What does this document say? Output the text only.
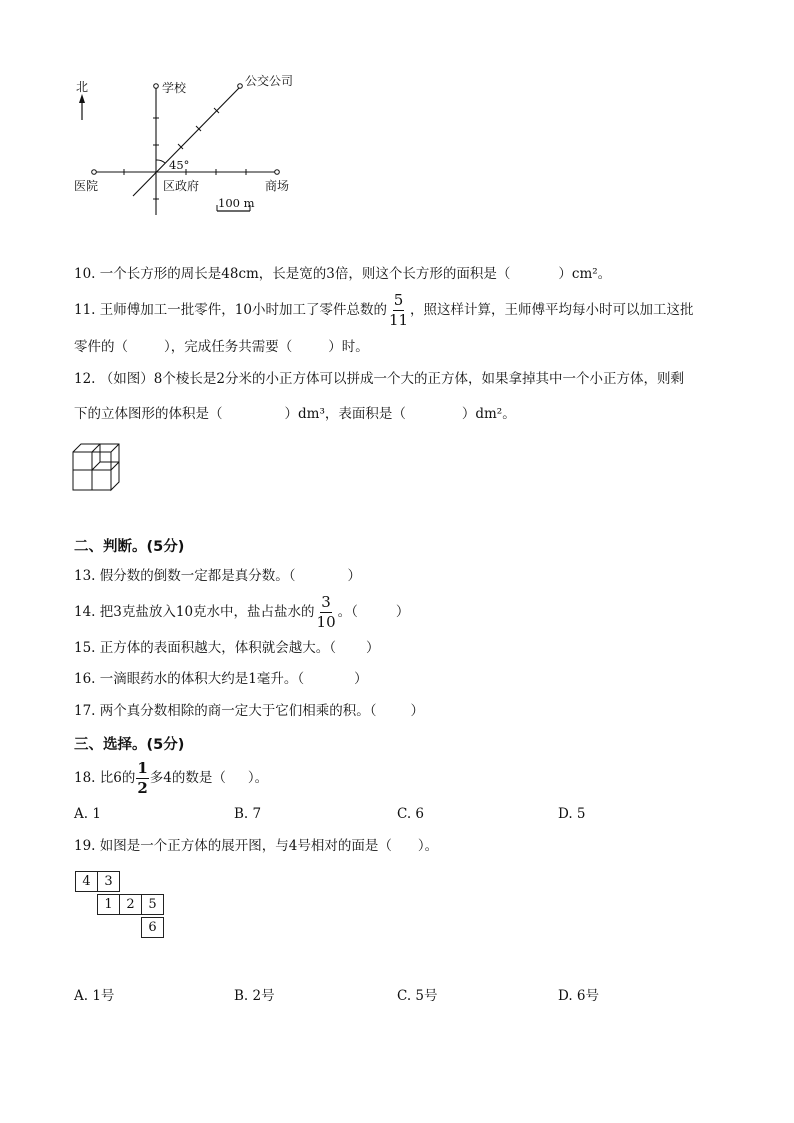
北	学校	公交公司
45°
医院	区政府	商场
100 m
10. 一个长方形的周长是48cm，长是宽的3倍，则这个长方形的面积是（	）cm²。
11. 王师傅加工一批零件，10小时加工了零件总数的 $\frac{5}{11}$ ，照这样计算，王师傅平均每小时可以加工这批
零件的（	），完成任务共需要（	）时。
12. （如图）8个棱长是2分米的小正方体可以拼成一个大的正方体，如果拿掉其中一个小正方体，则剩
下的立体图形的体积是（	）dm³，表面积是（	）dm²。
二、判断。(5分)
13. 假分数的倒数一定都是真分数。（	）
14. 把3克盐放入10克水中，盐占盐水的 $\frac{3}{10}$ 。（	）
15. 正方体的表面积越大，体积就会越大。（ ）
16. 一滴眼药水的体积大约是1毫升。（	）
17. 两个真分数相除的商一定大于它们相乘的积。（	）
三、选择。(5分)
18. 比6的 $\frac{1}{2}$ 多4的数是（ ）。
A. 1	B. 7	C. 6	D. 5
19. 如图是一个正方体的展开图，与4号相对的面是（ ）。
4	3
1	2	5
6
A. 1号	B. 2号	C. 5号	D. 6号
